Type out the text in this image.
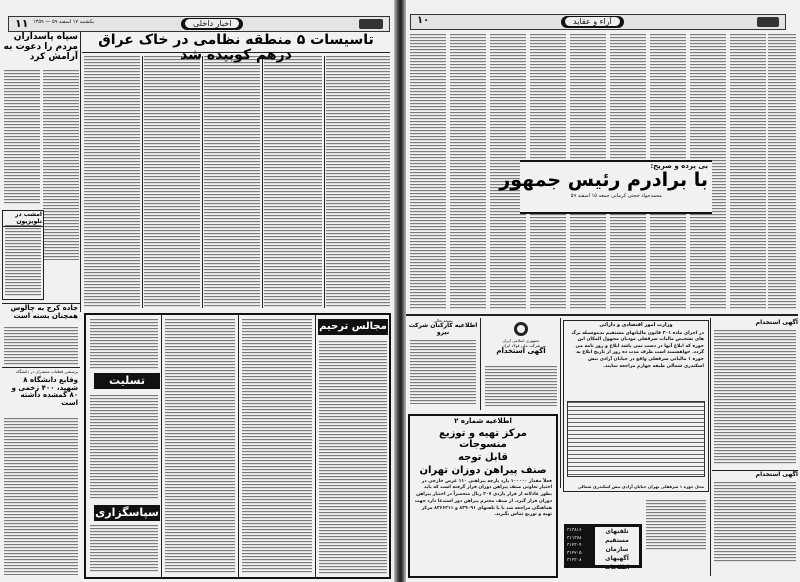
۱۱ یکشنبه ۱۷ اسفند ۵۹ — ۱۳۵۹	اخبار داخلی
تاسیسات ۵ منطقه نظامی در خاک عراق درهم کوبیده شد
سپاه پاسداران مردم را دعوت به آرامش کرد
امشب در تلویزیون
جاده کرج به چالوس همچنان بسته است
پرسشی قطعات منتشران در دانشگاه
وقایع دانشگاه ۸ شهید، ۴۰۰ زخمی و ۸۰ گمشده داشته است
تسلیت
سپاسگزاری
مجالس ترحیم
۱۰	آراء و عقاید
بی پرده و صریح:
با برادرم رئیس جمهور
محمدجواد حجتی کرمانی جمعه ۱۵ اسفند ۵۹
بسمه تعالی
اطلاعیه کارکنان شرکت نیرو
جمهوری اسلامی ایران
شرکت ملی فولاد ایران
آگهی استخدام
وزارت امور اقتصادی و دارائی
در اجرای ماده ۳۰۱ قانون مالیاتهای مستقیم بدینوسیله برگ های تشخیص مالیات سرقفلی مودیان مجهول المکان این حوزه که ابلاغ آنها در دست نمی باشد ابلاغ و روز نامه می گردد. خواهشمند است ظرف مدت ده روز از تاریخ ابلاغ به حوزه ۱ مالیاتی سرقفلی واقع در خیابان آزادی نبش اسکندری شمالی طبقه چهارم مراجعه نمایند.
محل حوزه ۱ سرقفلی تهران خیابان آزادی نبش اسکندری شمالی
آگهی استخدام
آگهی استخدام
اطلاعیه شماره ۲
مرکز تهیه و توزیع منسوجات
قابل توجه
صنف پیراهن دوزان تهران
فعلاً مقدار ۱۰۰۰۰۰ یارد پارچه پیراهنی ۱۱۰ عرض خارجی در اختیار تعاونی صنف پیراهن دوزان قرار گرفته است که باید بطور عادلانه از قرار یاردی ۲۰۷ ریال منحصراً در اختیار پیراهن دوزان قرار گیرد. از صنف محترم پیراهن دوز استدعا دارد جهت هماهنگی مراجعه شد یا با تلفنهای ۸۳۹۰۹۱ و ۸۳۶۶۲۱۱ مرکز تهیه و توزیع تماس بگیرند.
۳۱۳۸۱۶
۳۱۱۳۷۸
۳۱۲۳۰۴
۳۱۲۲۰۵
۳۱۲۳۰۸
تلفنهای مستقیم سازمان آگهیهای اطلاعات
